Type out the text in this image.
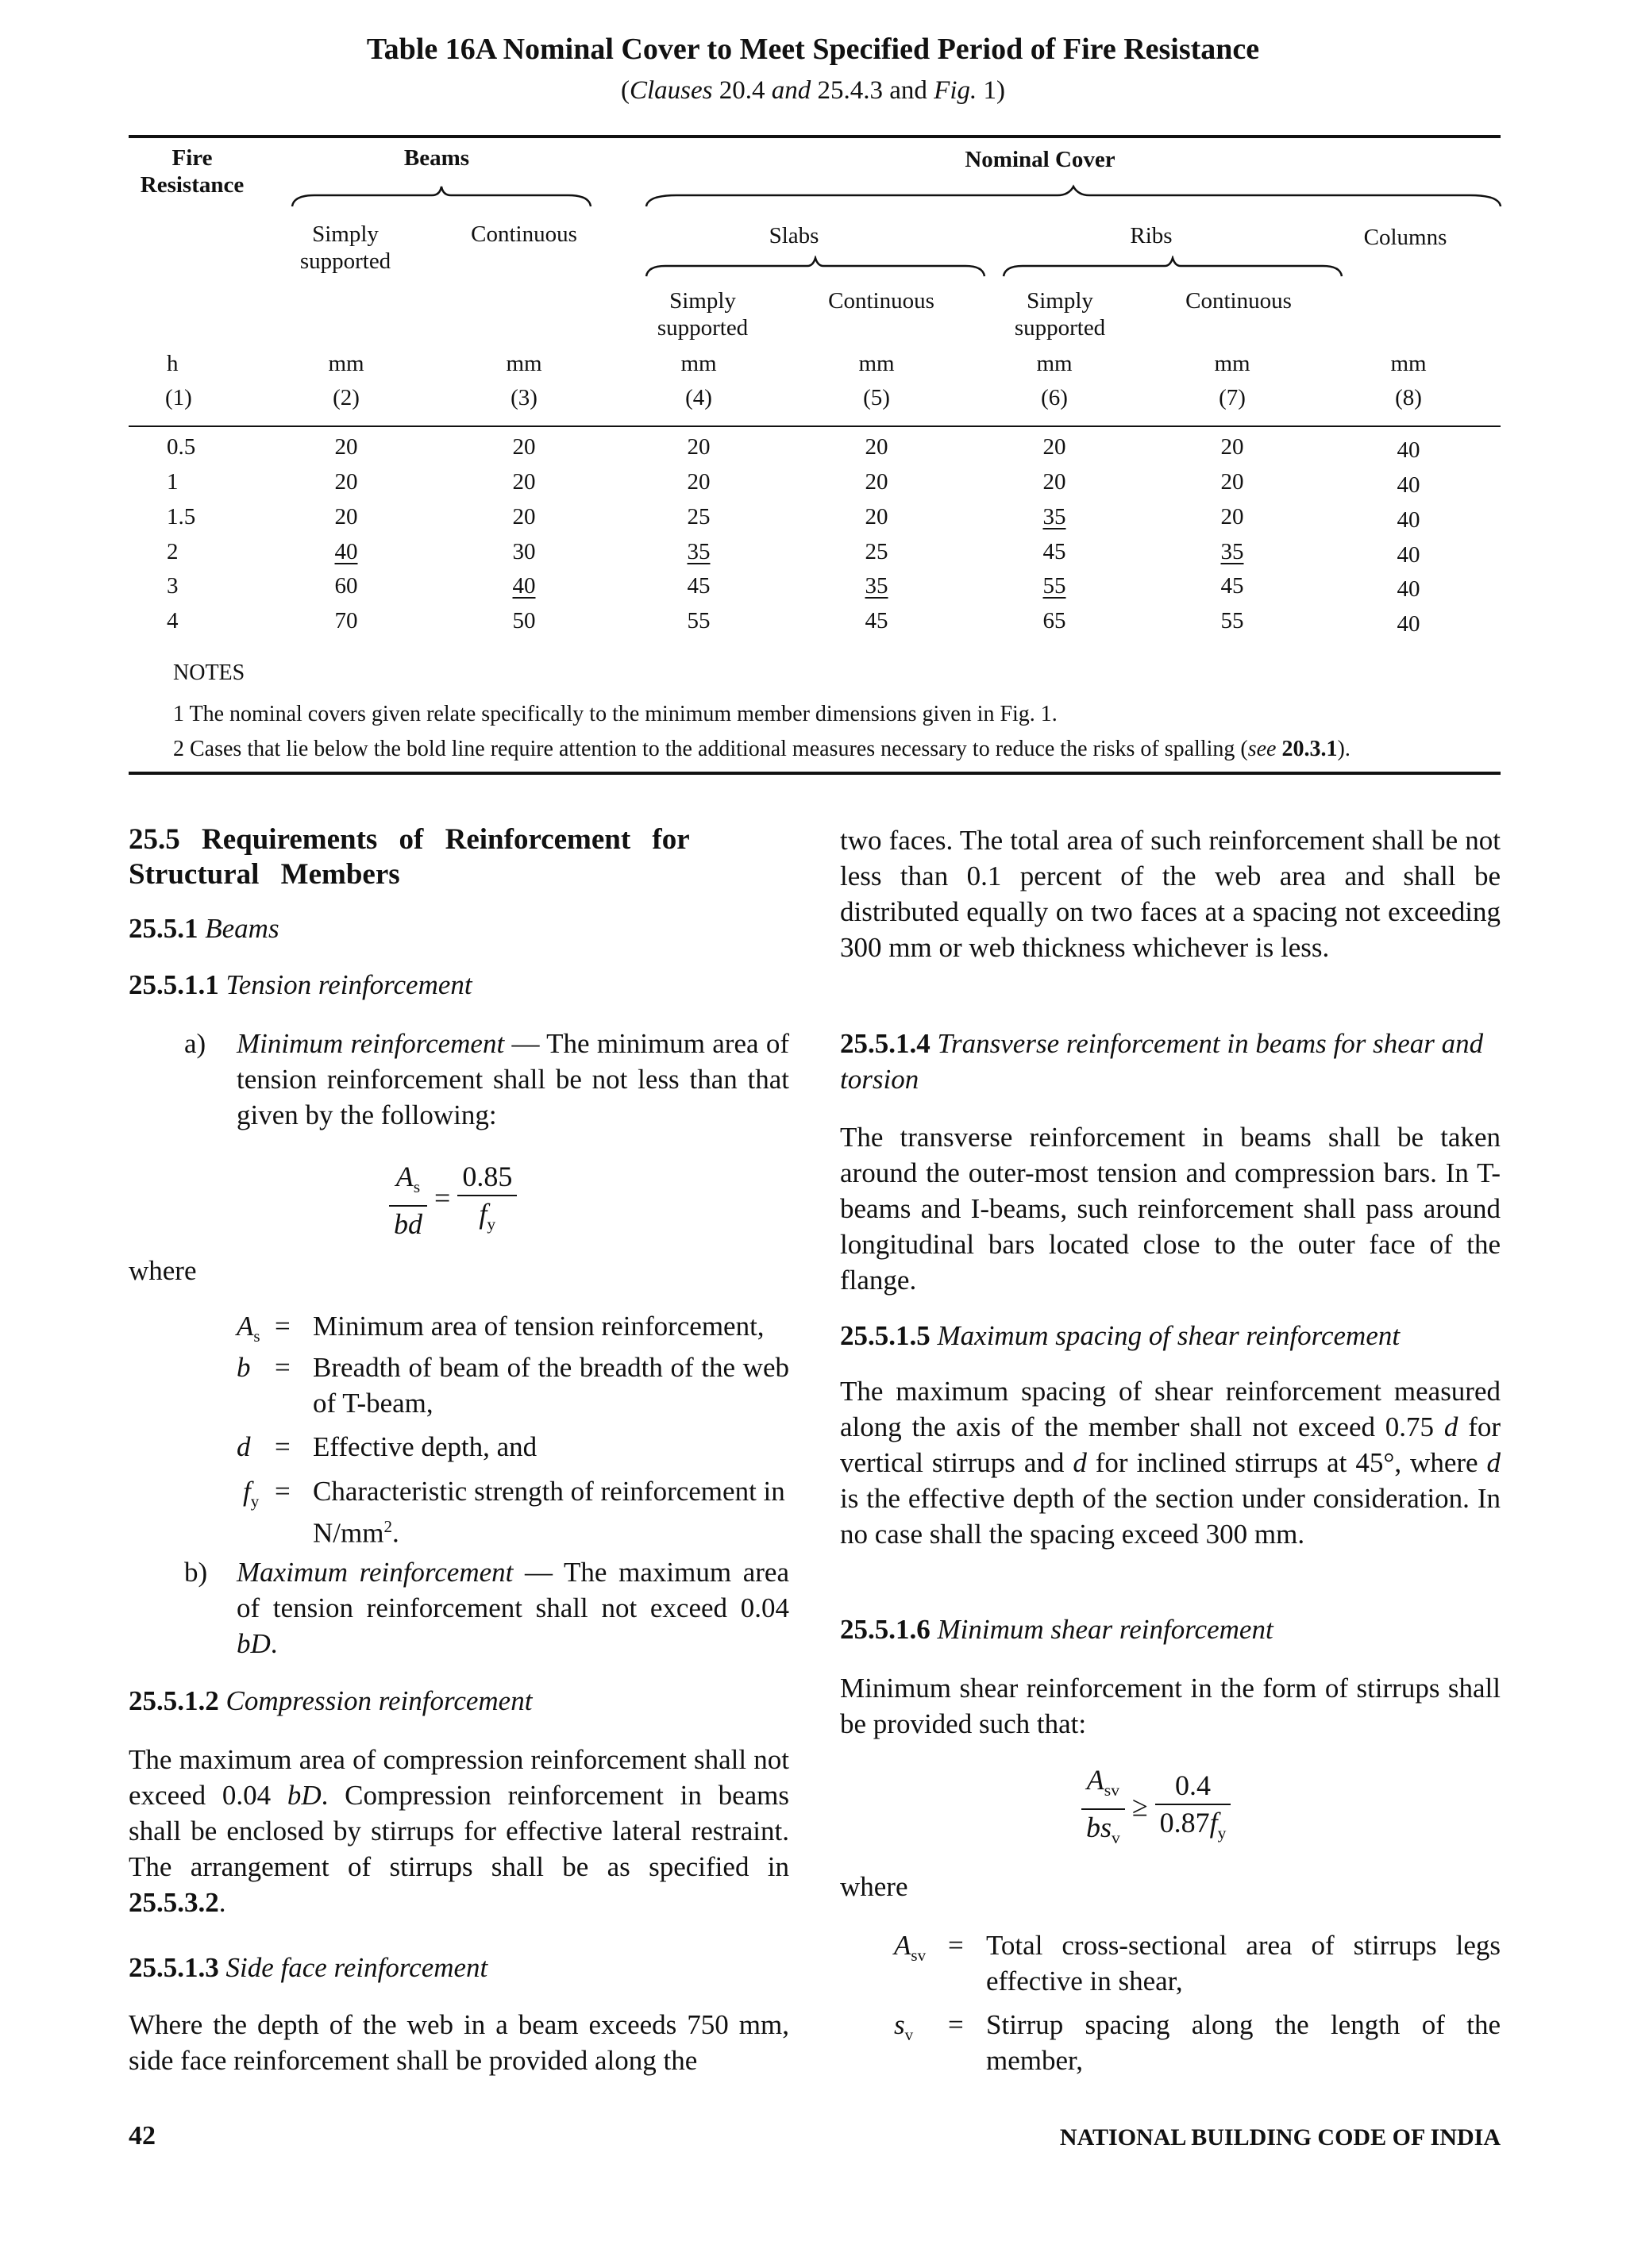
Table 16A Nominal Cover to Meet Specified Period of Fire Resistance
(Clauses 20.4 and 25.4.3 and Fig. 1)
Fire Resistance
Beams	Nominal Cover
Simply supported
Continuous	Slabs	Ribs	Columns
Simply supported
Continuous	Simply supported
Continuous
h	mm	mm	mm	mm	mm	mm	mm
(1)	(2)	(3)	(4)	(5)	(6)	(7)	(8)
0.5	20	20	20	20	20	20	40
1	20	20	20	20	20	20	40
1.5	20	20	25	20	35	20	40
2	40	30	35	25	45	35	40
3	60	40	45	35	55	45	40
4	70	50	55	45	65	55	40
NOTES
1 The nominal covers given relate specifically to the minimum member dimensions given in Fig. 1.
2 Cases that lie below the bold line require attention to the additional measures necessary to reduce the risks of spalling (see 20.3.1).
25.5 Requirements of Reinforcement for Structural Members
25.5.1 Beams
25.5.1.1 Tension reinforcement
a) Minimum reinforcement — The minimum area of tension reinforcement shall be not less than that given by the following:
$\frac{A_s}{bd} = \frac{0.85}{f_y}$
where
$A_s$ = Minimum area of tension reinforcement,
b = Breadth of beam of the breadth of the web of T-beam,
d = Effective depth, and
$f_y$ = Characteristic strength of reinforcement in $N/mm^2$.
b) Maximum reinforcement — The maximum area of tension reinforcement shall not exceed 0.04 bD.
25.5.1.2 Compression reinforcement
The maximum area of compression reinforcement shall not exceed 0.04 bD. Compression reinforcement in beams shall be enclosed by stirrups for effective lateral restraint. The arrangement of stirrups shall be as specified in 25.5.3.2.
25.5.1.3 Side face reinforcement
Where the depth of the web in a beam exceeds 750 mm, side face reinforcement shall be provided along the
two faces. The total area of such reinforcement shall be not less than 0.1 percent of the web area and shall be distributed equally on two faces at a spacing not exceeding 300 mm or web thickness whichever is less.
25.5.1.4 Transverse reinforcement in beams for shear and torsion
The transverse reinforcement in beams shall be taken around the outer-most tension and compression bars. In T-beams and I-beams, such reinforcement shall pass around longitudinal bars located close to the outer face of the flange.
25.5.1.5 Maximum spacing of shear reinforcement
The maximum spacing of shear reinforcement measured along the axis of the member shall not exceed 0.75 d for vertical stirrups and d for inclined stirrups at 45°, where d is the effective depth of the section under consideration. In no case shall the spacing exceed 300 mm.
25.5.1.6 Minimum shear reinforcement
Minimum shear reinforcement in the form of stirrups shall be provided such that:
$\frac{A_{sv}}{bs_v} \ge \frac{0.4}{0.87f_y}$
where
$A_{sv}$ = Total cross-sectional area of stirrups legs effective in shear,
$s_v$ = Stirrup spacing along the length of the member,
42	NATIONAL BUILDING CODE OF INDIA
